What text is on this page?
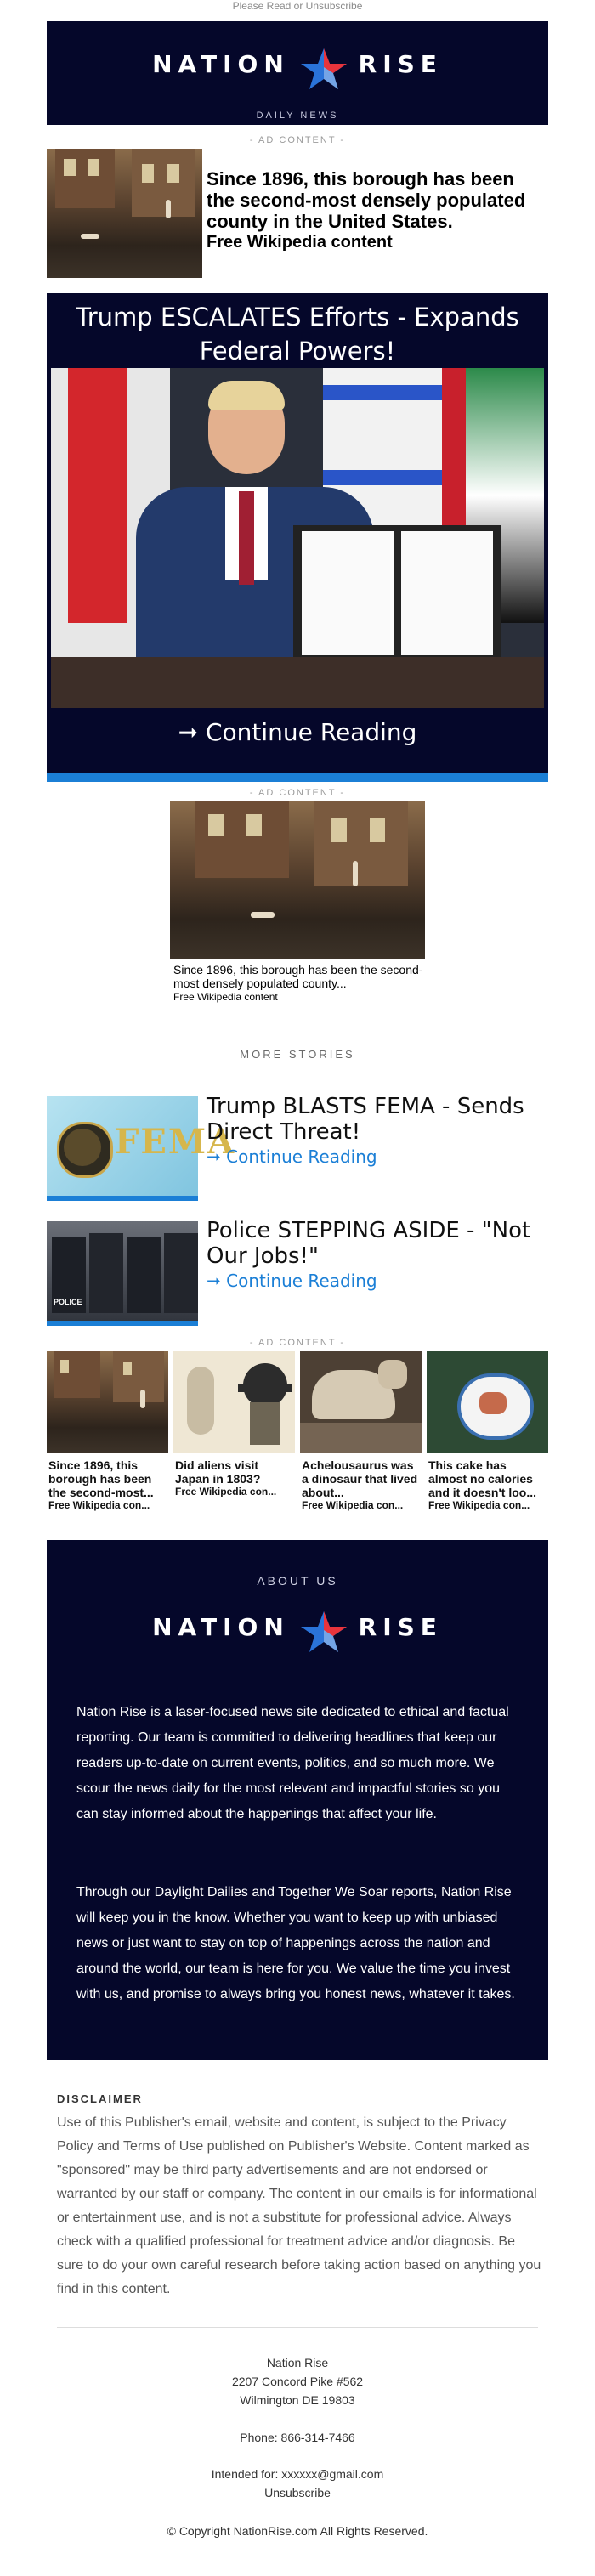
Please Read or Unsubscribe
NATION	RISE
DAILY NEWS
- AD CONTENT -
Since 1896, this borough has been the second-most densely populated county in the United States.
Free Wikipedia content
Trump ESCALATES Efforts - Expands Federal Powers!
➞ Continue Reading
- AD CONTENT -
Since 1896, this borough has been the second-most densely populated county...
Free Wikipedia content
MORE STORIES
FEMA
Trump BLASTS FEMA - Sends Direct Threat!
➞ Continue Reading
POLICE
Police STEPPING ASIDE - "Not Our Jobs!"
➞ Continue Reading
- AD CONTENT -
Since 1896, this borough has been the second-most...
Free Wikipedia con...
Did aliens visit Japan in 1803?
Free Wikipedia con...
Achelousaurus was a dinosaur that lived about...
Free Wikipedia con...
This cake has almost no calories and it doesn't loo...
Free Wikipedia con...
ABOUT US
NATION	RISE
Nation Rise is a laser-focused news site dedicated to ethical and factual reporting. Our team is committed to delivering headlines that keep our readers up-to-date on current events, politics, and so much more. We scour the news daily for the most relevant and impactful stories so you can stay informed about the happenings that affect your life.
Through our Daylight Dailies and Together We Soar reports, Nation Rise will keep you in the know. Whether you want to keep up with unbiased news or just want to stay on top of happenings across the nation and around the world, our team is here for you. We value the time you invest with us, and promise to always bring you honest news, whatever it takes.
DISCLAIMER
Use of this Publisher's email, website and content, is subject to the Privacy Policy and Terms of Use published on Publisher's Website. Content marked as "sponsored" may be third party advertisements and are not endorsed or warranted by our staff or company. The content in our emails is for informational or entertainment use, and is not a substitute for professional advice. Always check with a qualified professional for treatment advice and/or diagnosis. Be sure to do your own careful research before taking action based on anything you find in this content.
Nation Rise
2207 Concord Pike #562
Wilmington DE 19803
Phone: 866-314-7466
Intended for: xxxxxx@gmail.com
Unsubscribe
© Copyright NationRise.com All Rights Reserved.
